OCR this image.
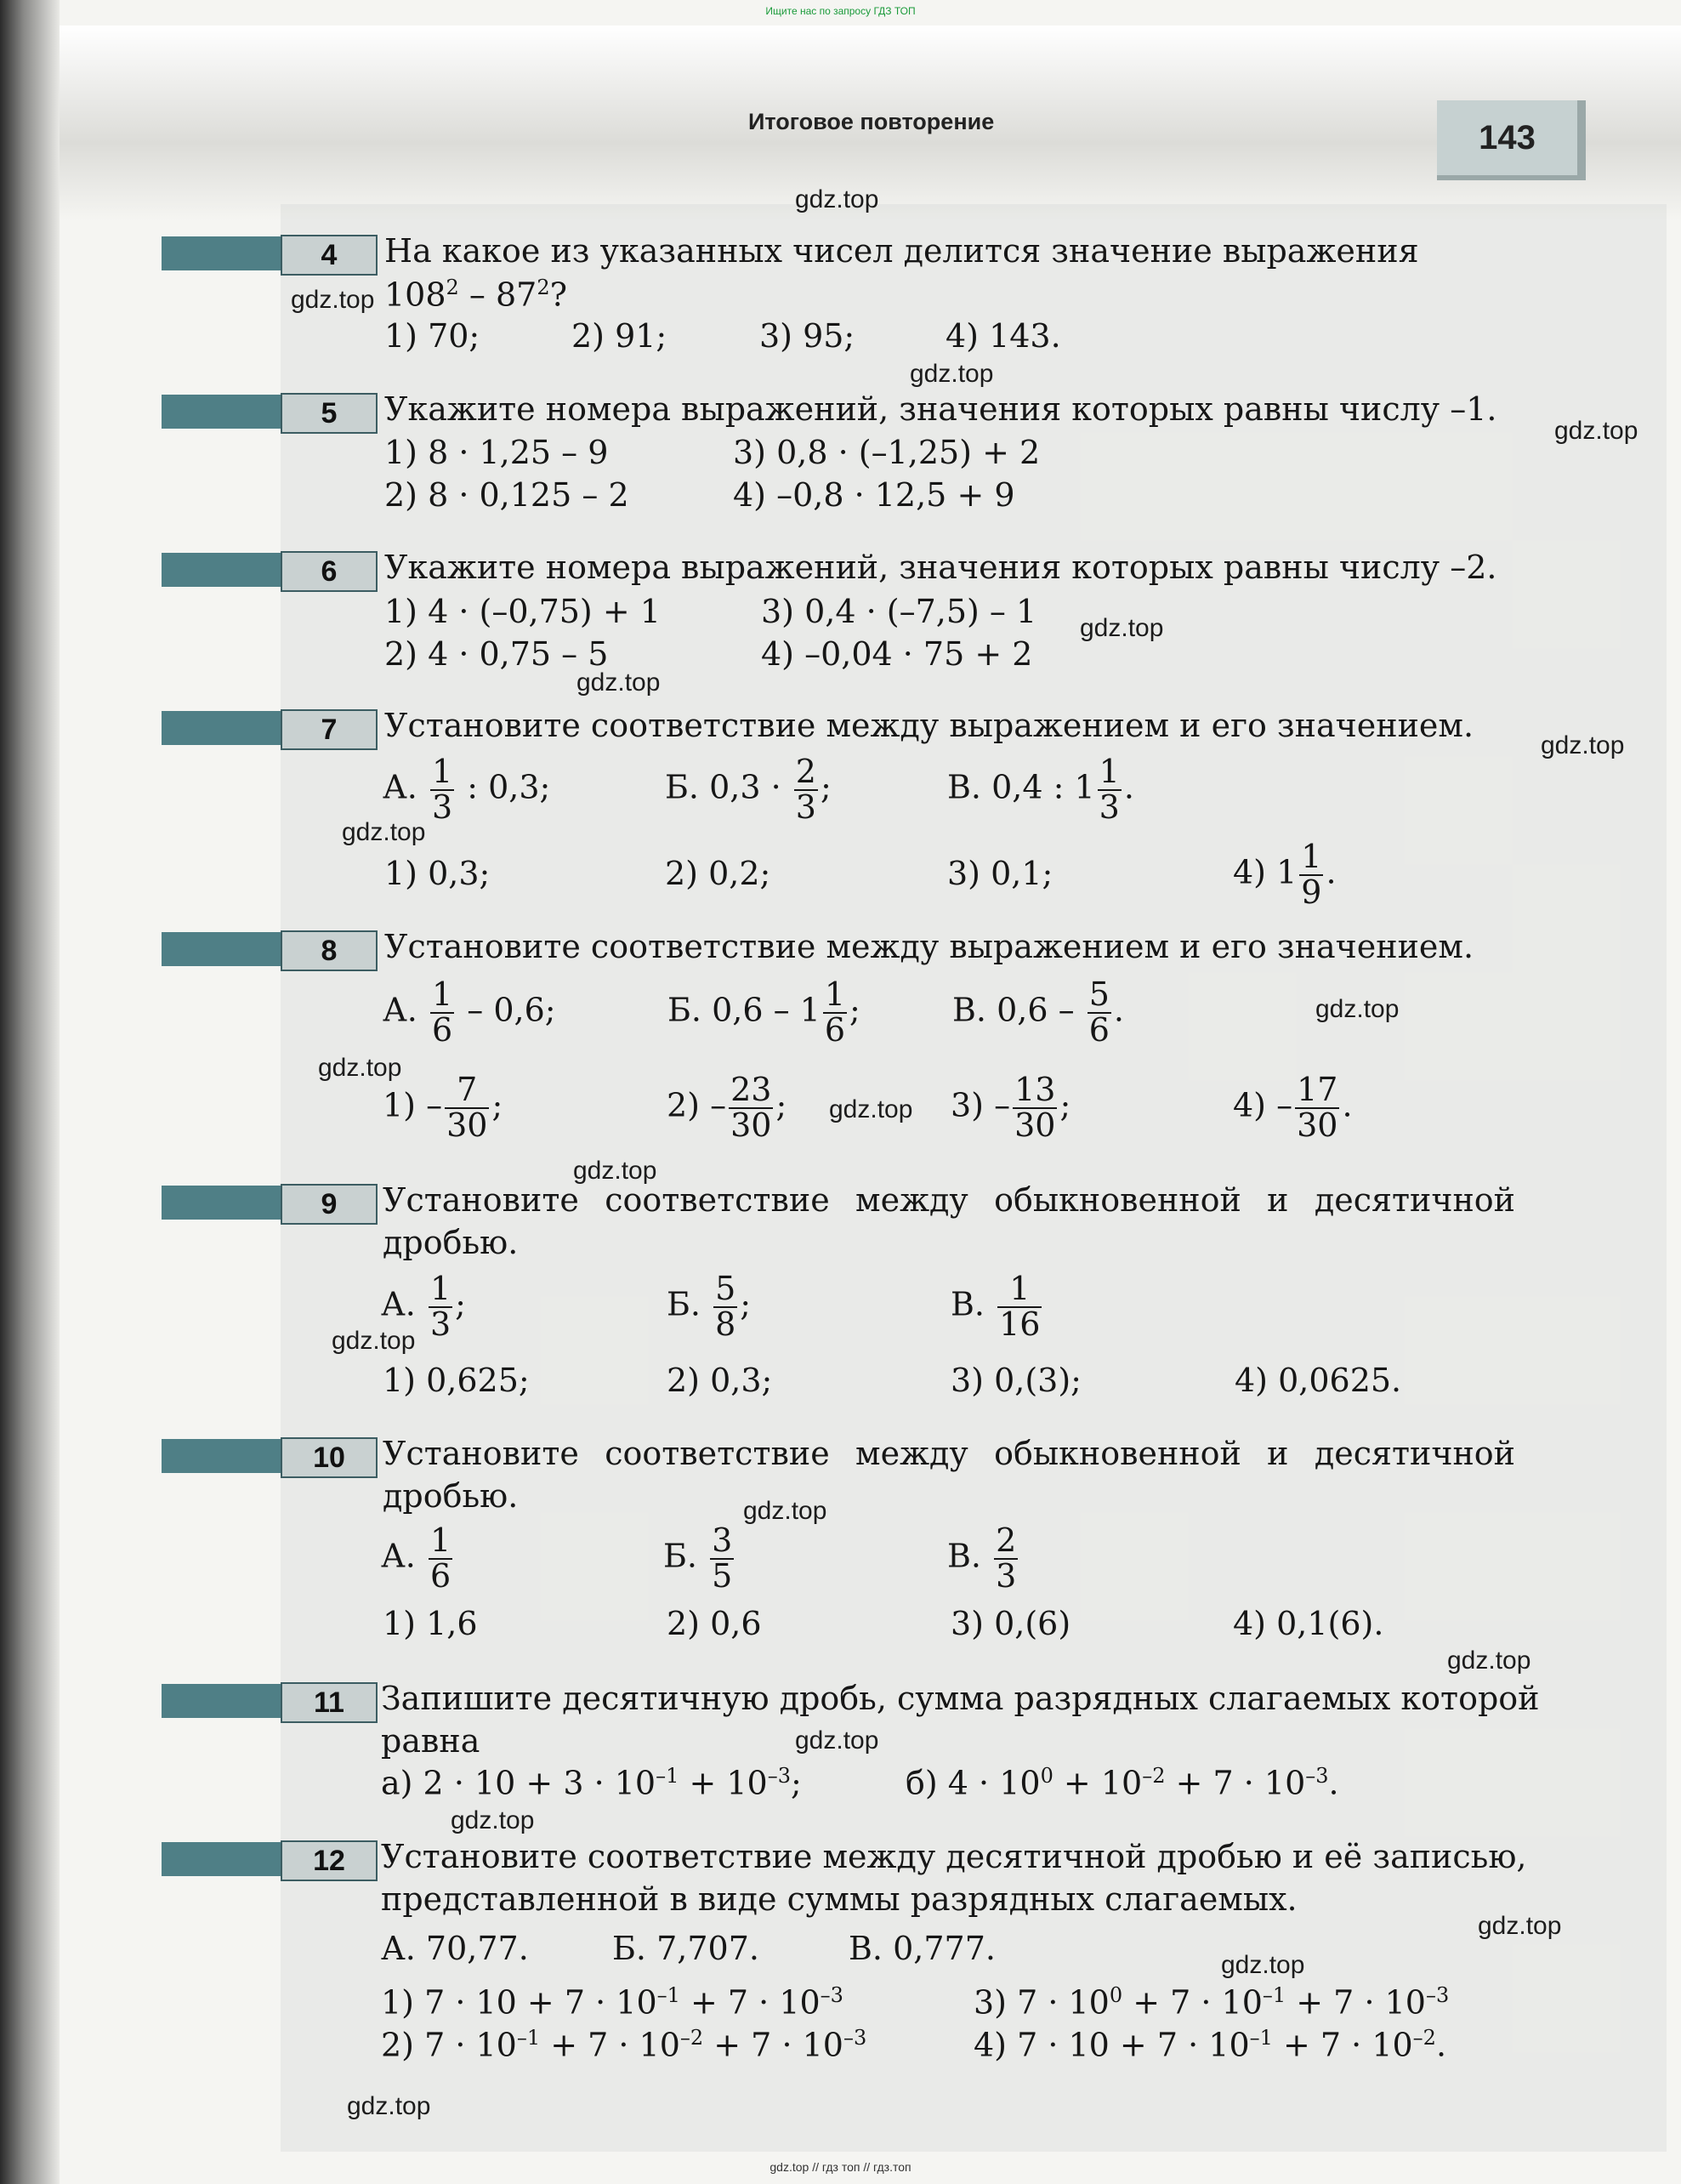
Ищите нас по запросу ГДЗ ТОП
Итоговое повторение	143
gdz.top
gdz.top
gdz.top
gdz.top
gdz.top
gdz.top
gdz.top
gdz.top
gdz.top
gdz.top
gdz.top
gdz.top
gdz.top
gdz.top
gdz.top
gdz.top
gdz.top
gdz.top
gdz.top
gdz.top
4	На какое из указанных чисел делится значение выражения
$108^2 - 87^2$?
1) 70;	2) 91;	3) 95;	4) 143.
5	Укажите номера выражений, значения которых равны числу –1.
1) 8 · 1,25 – 9	3) 0,8 · (–1,25) + 2
2) 8 · 0,125 – 2	4) –0,8 · 12,5 + 9
6	Укажите номера выражений, значения которых равны числу –2.
1) 4 · (–0,75) + 1	3) 0,4 · (–7,5) – 1
2) 4 · 0,75 – 5	4) –0,04 · 75 + 2
7	Установите соответствие между выражением и его значением.
А. $\frac{1}{3}$ : 0,3;	Б. $0,3 \cdot \frac{2}{3}$ ;	В. 0,4 : $1 \frac{1}{3}$ .
1) 0,3;	2) 0,2;	3) 0,1;	4) $1 \frac{1}{9}$ .
8	Установите соответствие между выражением и его значением.
А. $\frac{1}{6} - 0,6$;	Б. $0,6 - 1 \frac{1}{6}$ ;	В. $0,6 - \frac{5}{6}$ .
$1) - \frac{7}{30}$ ;	$2) - \frac{23}{30}$ ;	$3) - \frac{13}{30}$ ;	$4) - \frac{17}{30}$ .
9	Установите соответствие между обыкновенной и десятичной
дробью.
А. $\frac{1}{3}$ ;	Б. $\frac{5}{8}$ ;	В. $\frac{1}{16}$
1) 0,625;	2) 0,3;	3) 0,(3);	4) 0,0625.
10	Установите соответствие между обыкновенной и десятичной
дробью.
А. $\frac{1}{6}$	Б. $\frac{3}{5}$	В. $\frac{2}{3}$
1) 1,6	2) 0,6	3) 0,(6)	4) 0,1(6).
11	Запишите десятичную дробь, сумма разрядных слагаемых которой
равна
а) $2 \cdot 10 + 3 \cdot 10^{-1} + 10^{-3}$;	б) $4 \cdot 10^0 + 10^{-2} + 7 \cdot 10^{-3}$.
12	Установите соответствие между десятичной дробью и её записью,
представленной в виде суммы разрядных слагаемых.
А. 70,77.	Б. 7,707.	В. 0,777.
1) $7 \cdot 10 + 7 \cdot 10^{-1} + 7 \cdot 10^{-3}$	3) $7 \cdot 10^0 + 7 \cdot 10^{-1} + 7 \cdot 10^{-3}$
2) $7 \cdot 10^{-1} + 7 \cdot 10^{-2} + 7 \cdot 10^{-3}$	4) $7 \cdot 10 + 7 \cdot 10^{-1} + 7 \cdot 10^{-2}$.
gdz.top // гдз топ // гдз.топ
